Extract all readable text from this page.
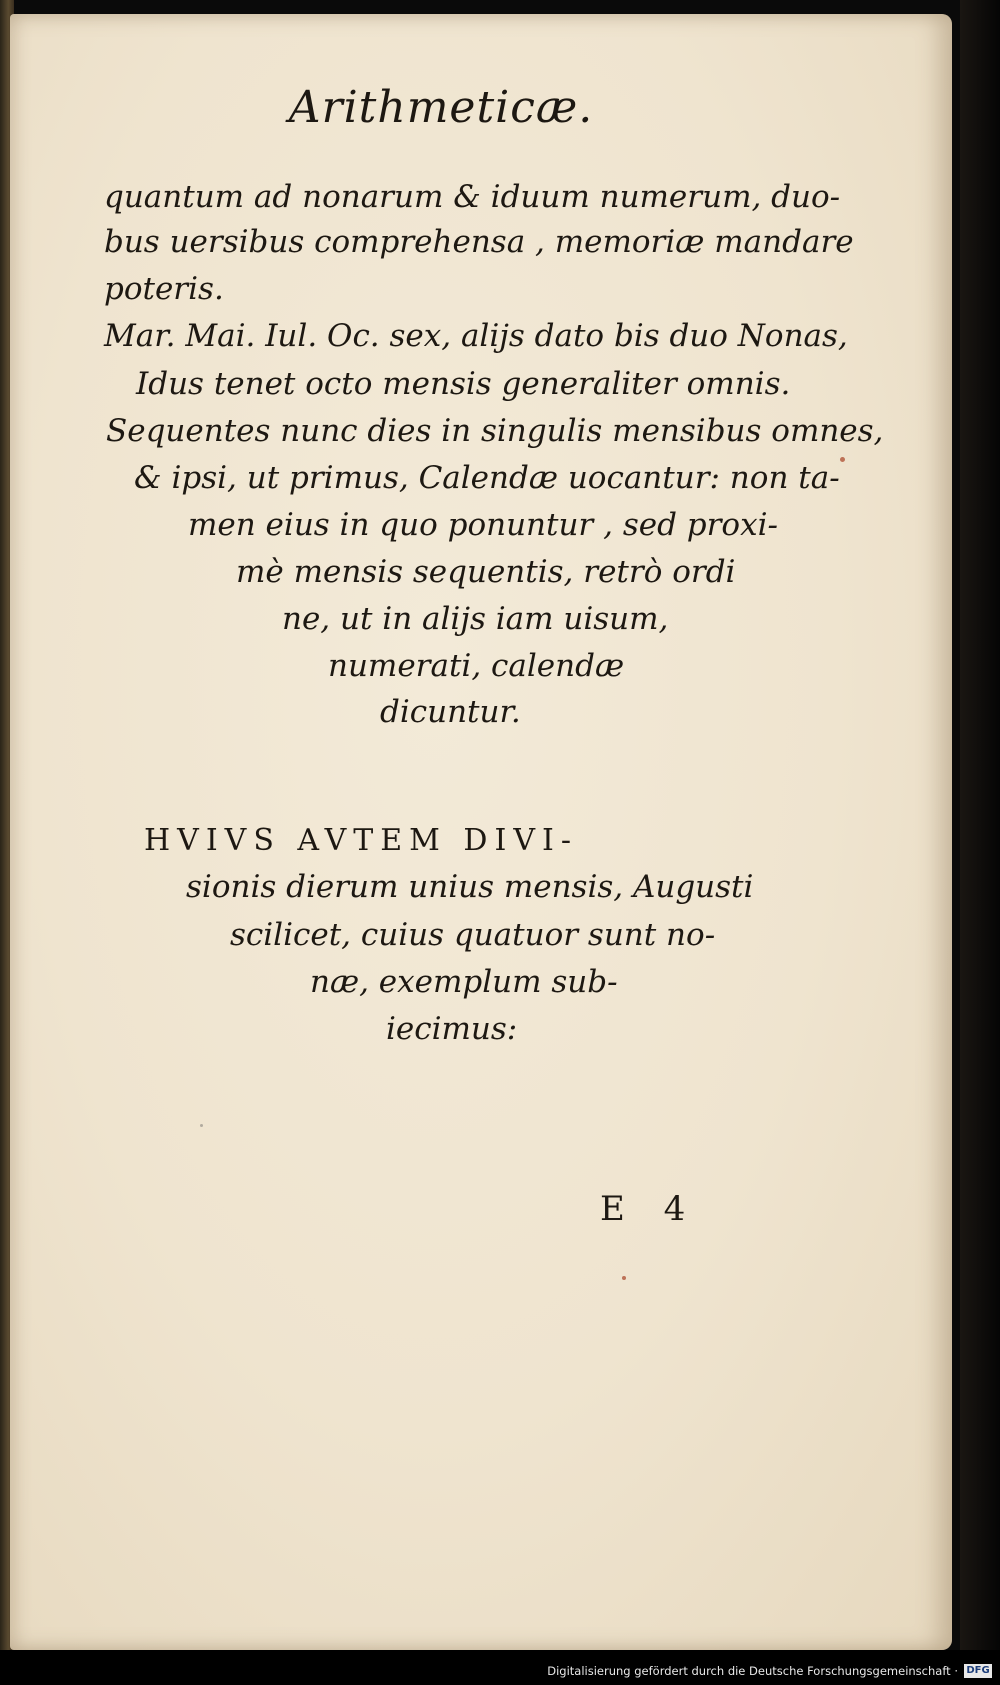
Arithmeticæ.
quantum ad nonarum & iduum numerum, duo-
bus uersibus comprehensa , memoriæ mandare
poteris.
Mar. Mai. Iul. Oc. sex, alijs dato bis duo Nonas,
Idus tenet octo mensis generaliter omnis.
Sequentes nunc dies in singulis mensibus omnes,
& ipsi, ut primus, Calendæ uocantur: non ta-
men eius in quo ponuntur , sed proxi-
mè mensis sequentis, retrò ordi
ne, ut in alijs iam uisum,
numerati, calendæ
dicuntur.
HVIVS AVTEM DIVI-
sionis dierum unius mensis, Augusti
scilicet, cuius quatuor sunt no-
næ, exemplum sub-
iecimus:
E 4
Digitalisierung gefördert durch die Deutsche Forschungsgemeinschaft · DFG
